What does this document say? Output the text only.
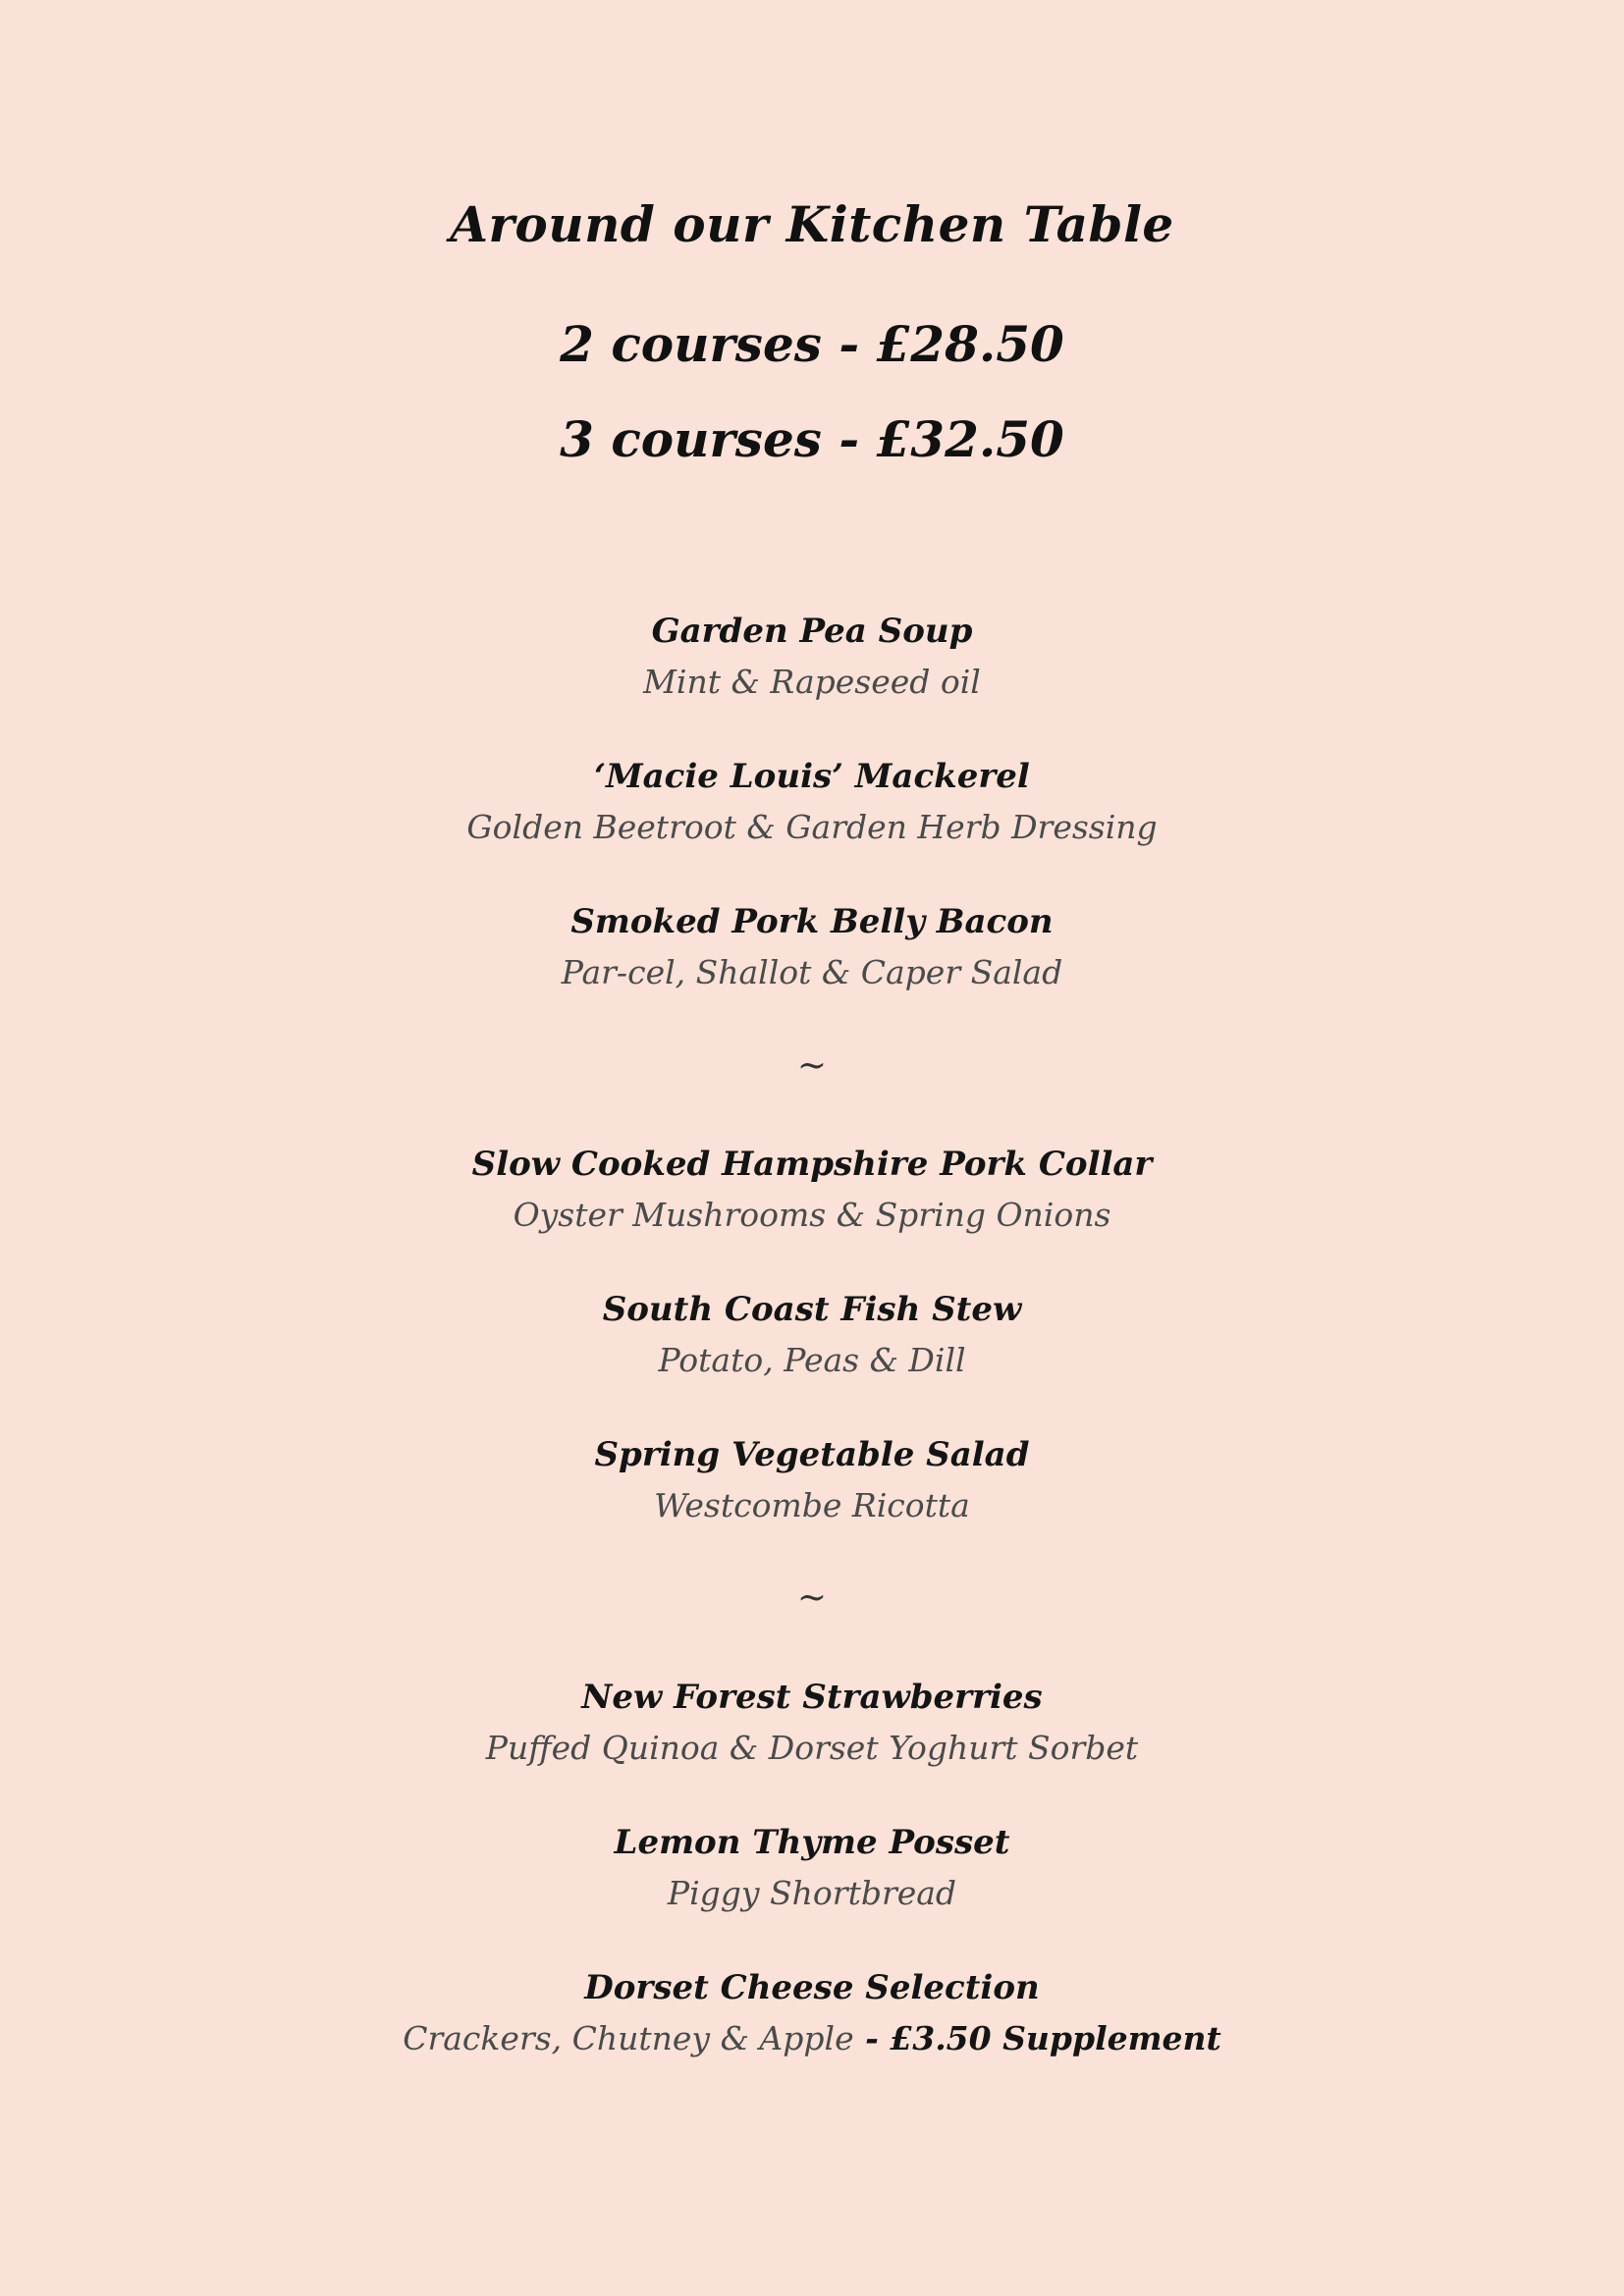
Around our Kitchen Table
2 courses - £28.50
3 courses - £32.50
Garden Pea Soup
Mint & Rapeseed oil
‘Macie Louis’ Mackerel
Golden Beetroot & Garden Herb Dressing
Smoked Pork Belly Bacon
Par-cel, Shallot & Caper Salad
~
Slow Cooked Hampshire Pork Collar
Oyster Mushrooms & Spring Onions
South Coast Fish Stew
Potato, Peas & Dill
Spring Vegetable Salad
Westcombe Ricotta
~
New Forest Strawberries
Puffed Quinoa & Dorset Yoghurt Sorbet
Lemon Thyme Posset
Piggy Shortbread
Dorset Cheese Selection
Crackers, Chutney & Apple - £3.50 Supplement
